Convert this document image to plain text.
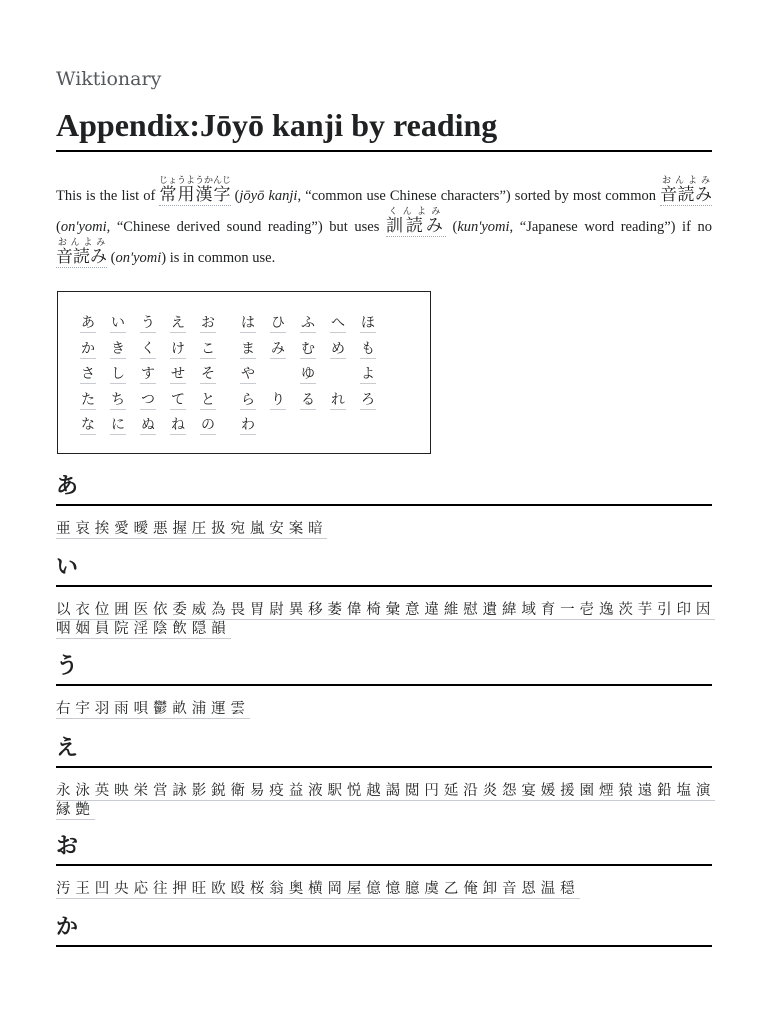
Wiktionary
Appendix:Jōyō kanji by reading
This is the list of 常用漢字じょうようかんじ (jōyō kanji, “common use Chinese characters”) sorted by most common 音読みおんよみ (on'yomi, “Chinese derived sound reading”) but uses 訓読みくんよみ (kun'yomi, “Japanese word reading”) if no 音読みおんよみ (on'yomi) is in common use.
あ い う え お は ひ ふ へ ほ
か き く け こ ま み む め も
さ し す せ そ や	ゆ	よ
た ち つ て と ら り る れ ろ
な に ぬ ね の わ
あ
亜 哀 挨 愛 曖 悪 握 圧 扱 宛 嵐 安 案 暗
い
以 衣 位 囲 医 依 委 威 為 畏 胃 尉 異 移 萎 偉 椅 彙 意 違 維 慰 遺 緯 域 育 一 壱 逸 茨 芋 引 印 因咽 姻 員 院 淫 陰 飲 隠 韻
う
右 宇 羽 雨 唄 鬱 畝 浦 運 雲
え
永 泳 英 映 栄 営 詠 影 鋭 衛 易 疫 益 液 駅 悦 越 謁 閲 円 延 沿 炎 怨 宴 媛 援 園 煙 猿 遠 鉛 塩 演縁 艶
お
汚 王 凹 央 応 往 押 旺 欧 殴 桜 翁 奥 横 岡 屋 億 憶 臆 虞 乙 俺 卸 音 恩 温 穏
か
